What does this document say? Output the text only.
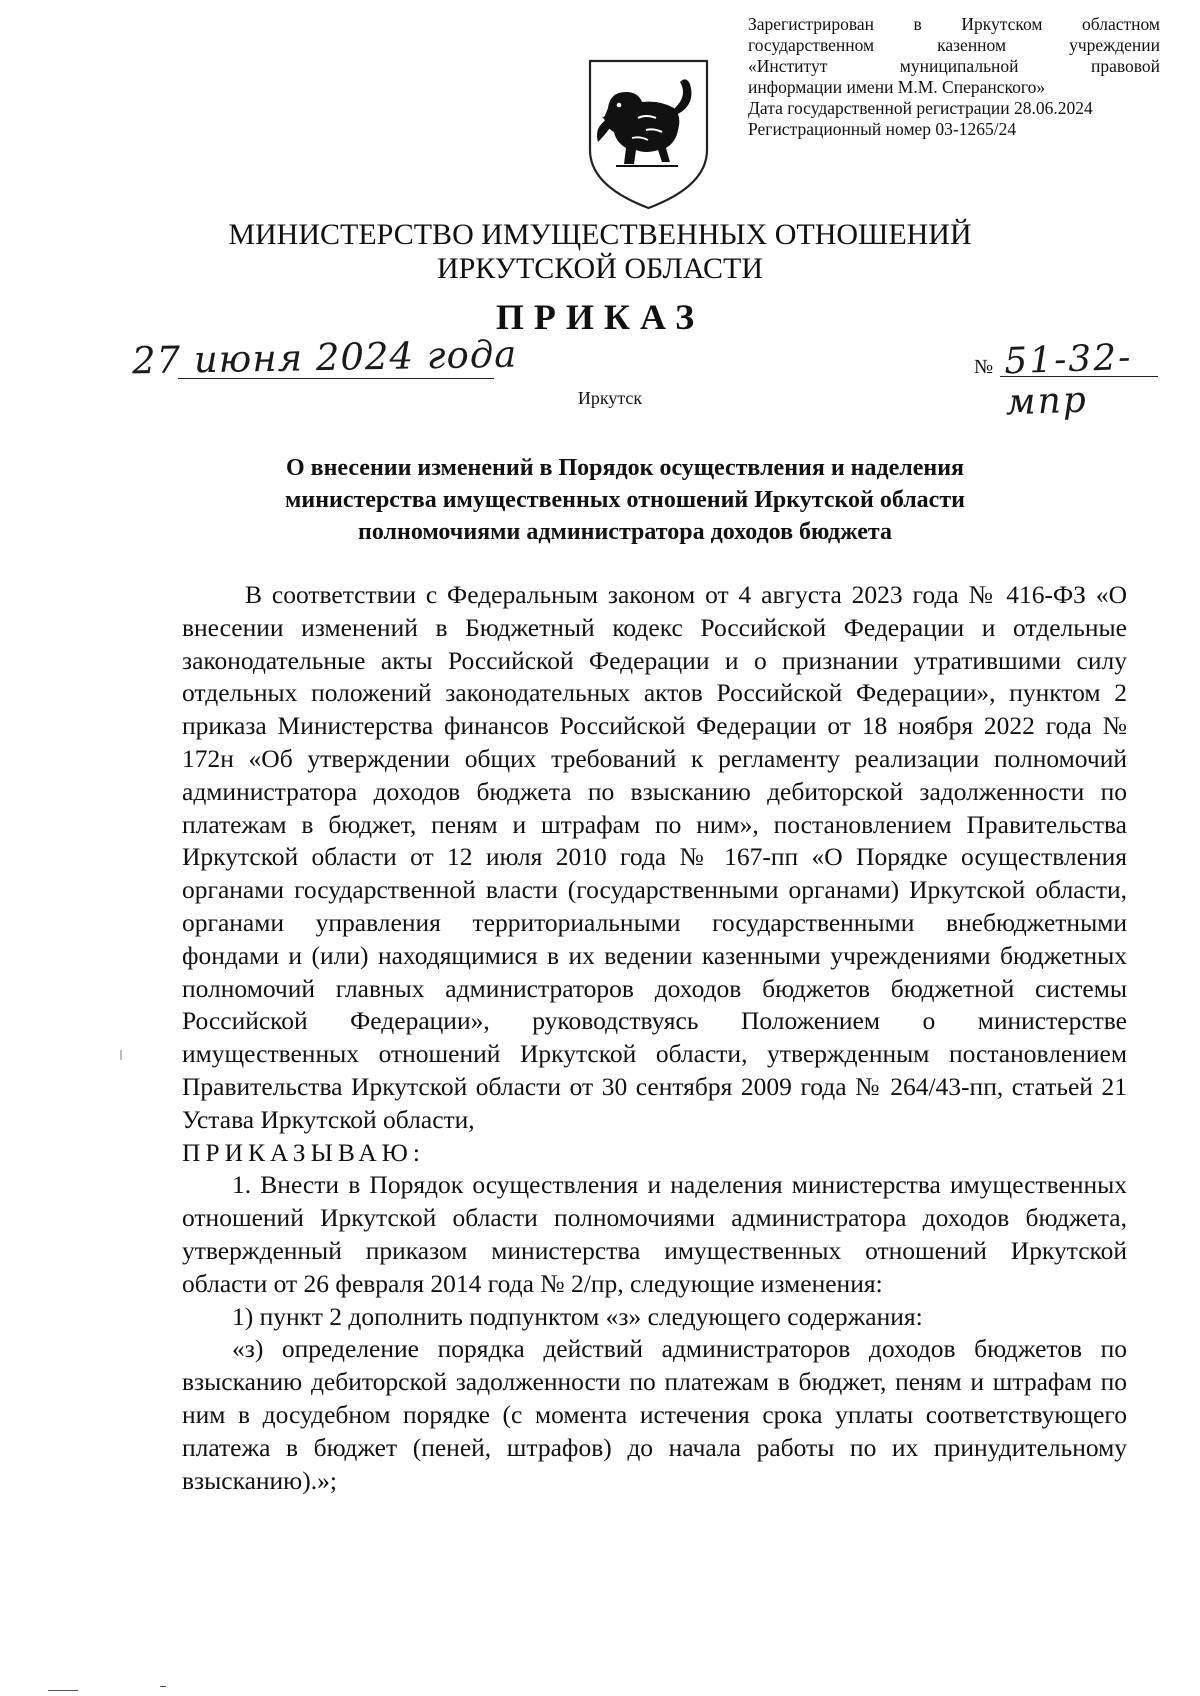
Зарегистрирован в Иркутском областном
государственном казенном учреждении
«Институт муниципальной правовой
информации имени М.М. Сперанского»
Дата государственной регистрации 28.06.2024
Регистрационный номер 03-1265/24
МИНИСТЕРСТВО ИМУЩЕСТВЕННЫХ ОТНОШЕНИЙ
ИРКУТСКОЙ ОБЛАСТИ
ПРИКАЗ
27 июня 2024 года	№ 51-32-мпр
Иркутск
О внесении изменений в Порядок осуществления и наделения
министерства имущественных отношений Иркутской области
полномочиями администратора доходов бюджета

В соответствии с Федеральным законом от 4 августа 2023 года № 416-ФЗ «О внесении изменений в Бюджетный кодекс Российской Федерации и отдельные законодательные акты Российской Федерации и о признании утратившими силу отдельных положений законодательных актов Российской Федерации», пунктом 2 приказа Министерства финансов Российской Федерации от 18 ноября 2022 года № 172н «Об утверждении общих требований к регламенту реализации полномочий администратора доходов бюджета по взысканию дебиторской задолженности по платежам в бюджет, пеням и штрафам по ним», постановлением Правительства Иркутской области от 12 июля 2010 года № 167-пп «О Порядке осуществления органами государственной власти (государственными органами) Иркутской области, органами управления территориальными государственными внебюджетными фондами и (или) находящимися в их ведении казенными учреждениями бюджетных полномочий главных администраторов доходов бюджетов бюджетной системы Российской Федерации», руководствуясь Положением о министерстве имущественных отношений Иркутской области, утвержденным постановлением Правительства Иркутской области от 30 сентября 2009 года № 264/43-пп, статьей 21 Устава Иркутской области,

ПРИКАЗЫВАЮ:

1. Внести в Порядок осуществления и наделения министерства имущественных отношений Иркутской области полномочиями администратора доходов бюджета, утвержденный приказом министерства имущественных отношений Иркутской области от 26 февраля 2014 года № 2/пр, следующие изменения:

1) пункт 2 дополнить подпунктом «з» следующего содержания:

«з) определение порядка действий администраторов доходов бюджетов по взысканию дебиторской задолженности по платежам в бюджет, пеням и штрафам по ним в досудебном порядке (с момента истечения срока уплаты соответствующего платежа в бюджет (пеней, штрафов) до начала работы по их принудительному взысканию).»;
